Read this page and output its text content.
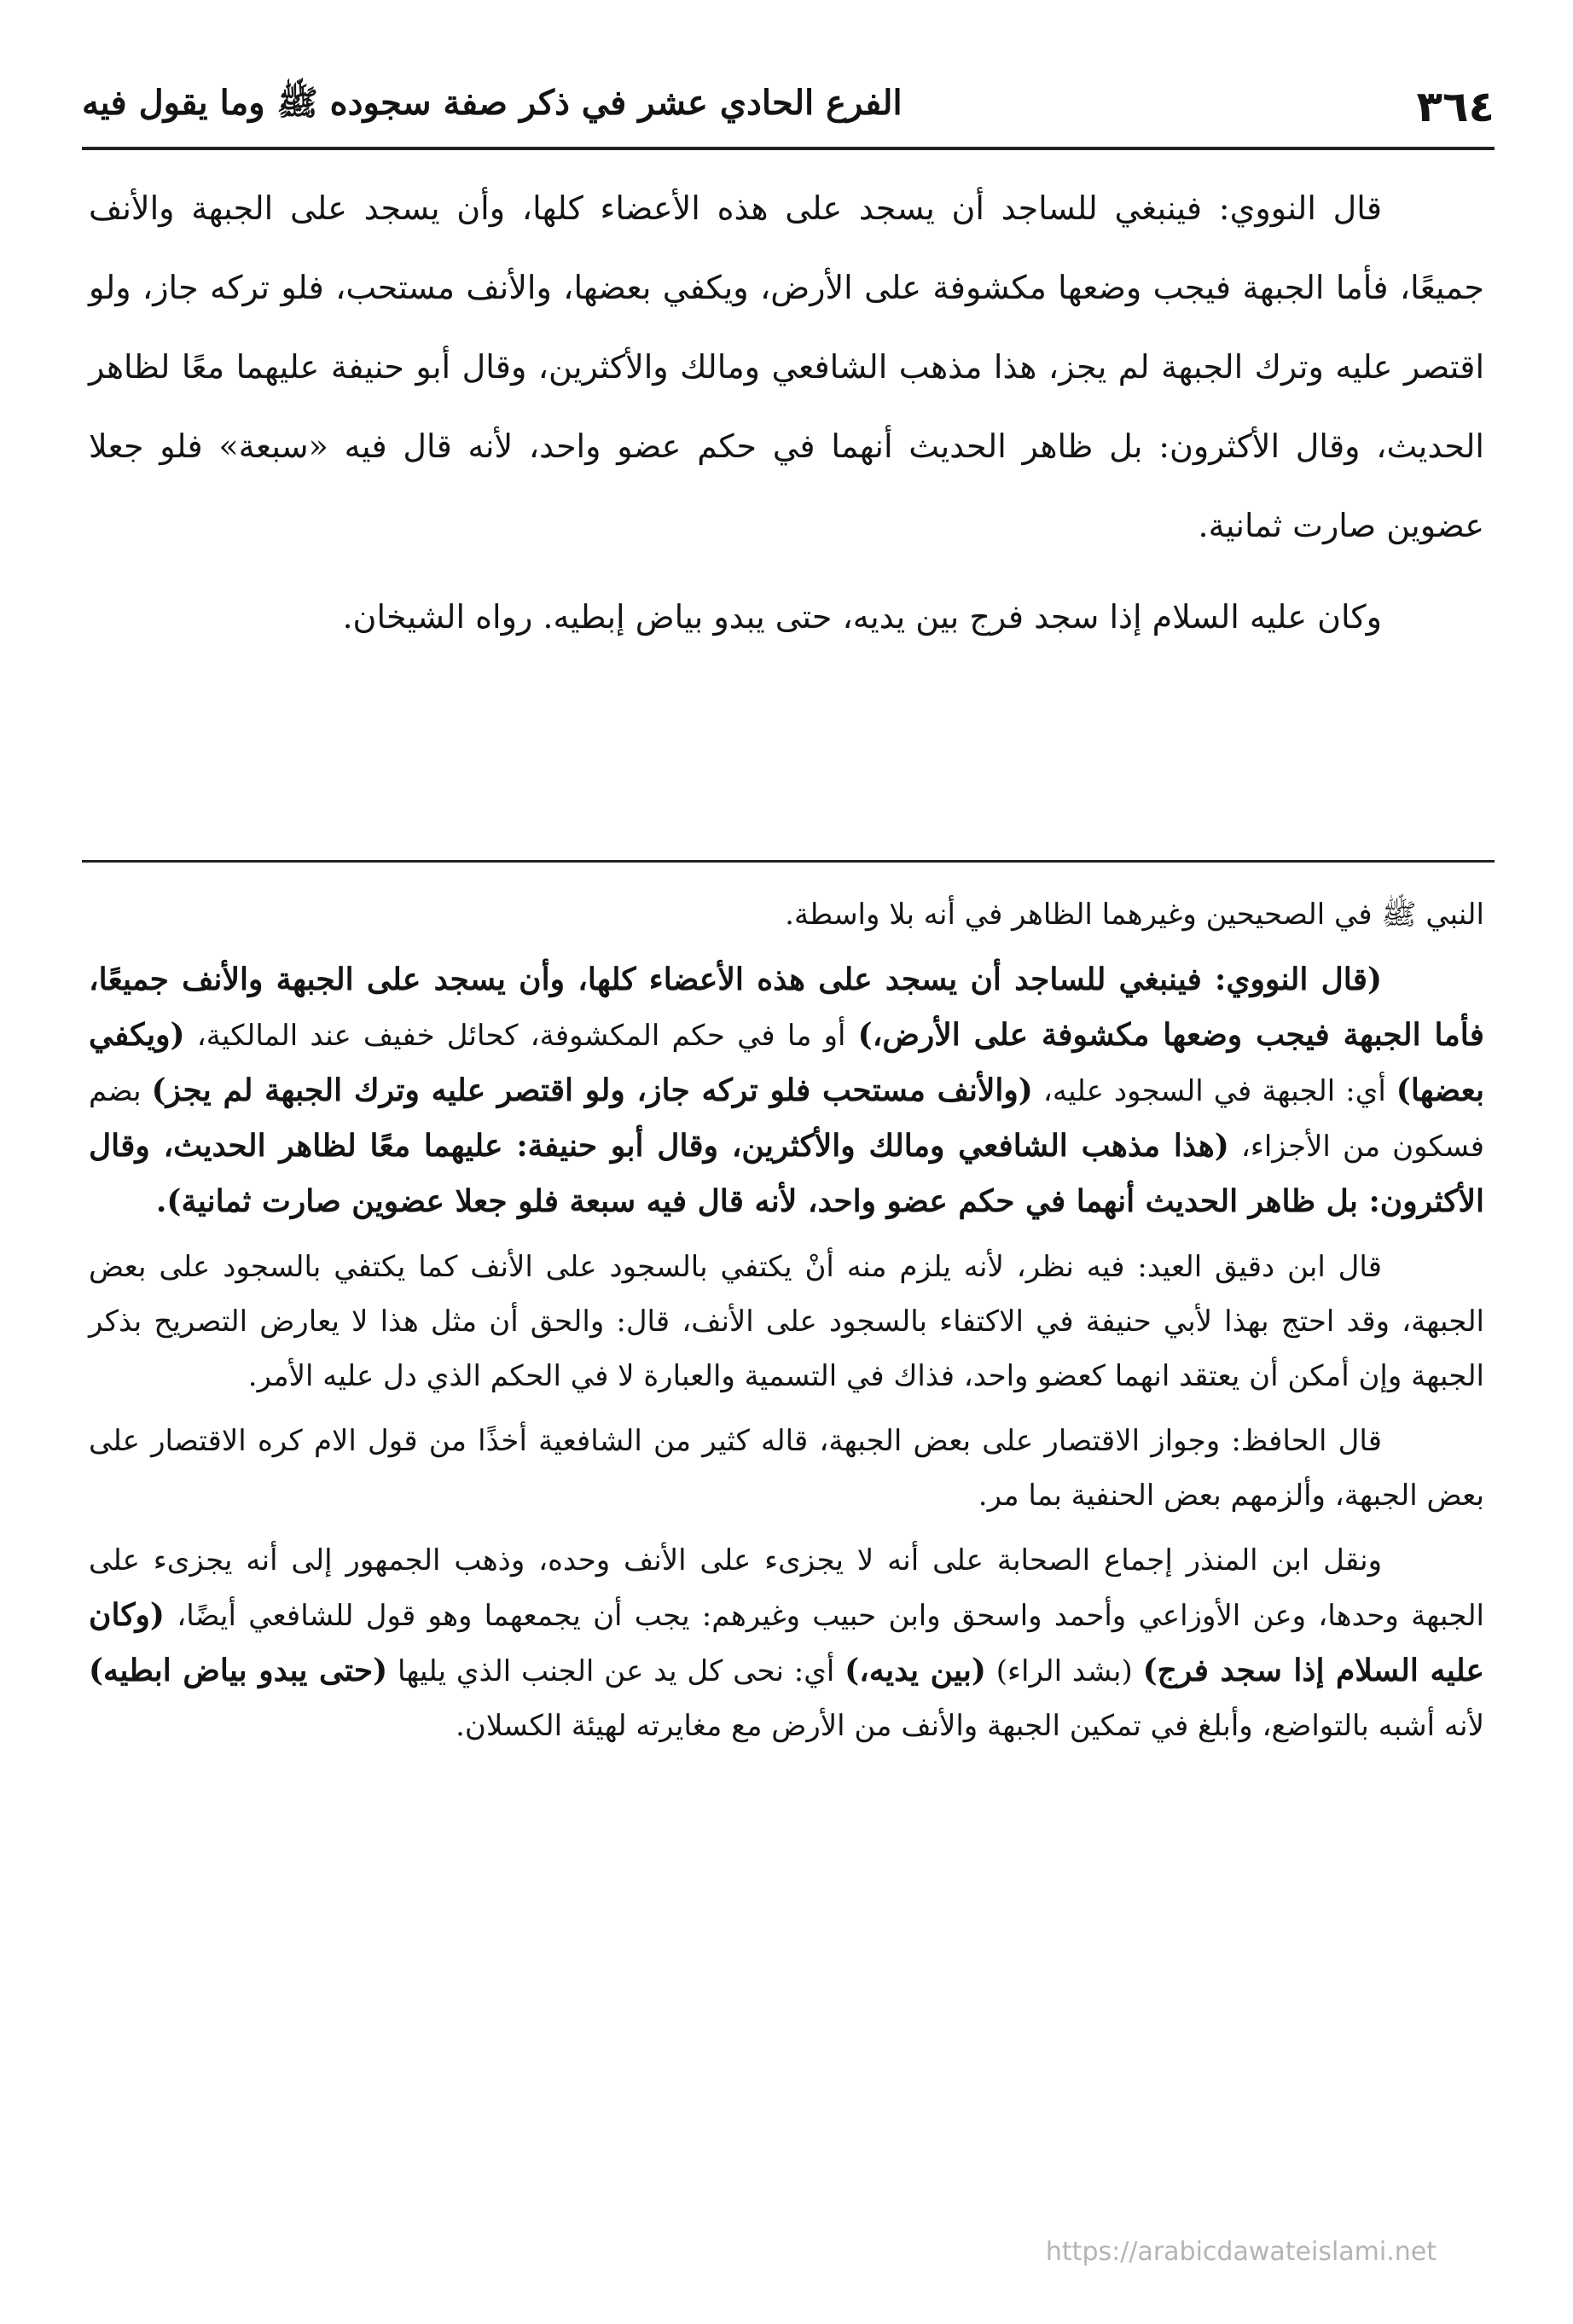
٣٦٤
الفرع الحادي عشر في ذكر صفة سجوده ﷺ وما يقول فيه

قال النووي: فينبغي للساجد أن يسجد على هذه الأعضاء كلها، وأن يسجد على الجبهة والأنف جميعًا، فأما الجبهة فيجب وضعها مكشوفة على الأرض، ويكفي بعضها، والأنف مستحب، فلو تركه جاز، ولو اقتصر عليه وترك الجبهة لم يجز، هذا مذهب الشافعي ومالك والأكثرين، وقال أبو حنيفة عليهما معًا لظاهر الحديث، وقال الأكثرون: بل ظاهر الحديث أنهما في حكم عضو واحد، لأنه قال فيه «سبعة» فلو جعلا عضوين صارت ثمانية.

وكان عليه السلام إذا سجد فرج بين يديه، حتى يبدو بياض إبطيه. رواه الشيخان.

النبي ﷺ في الصحيحين وغيرهما الظاهر في أنه بلا واسطة.

(قال النووي: فينبغي للساجد أن يسجد على هذه الأعضاء كلها، وأن يسجد على الجبهة والأنف جميعًا، فأما الجبهة فيجب وضعها مكشوفة على الأرض،) أو ما في حكم المكشوفة، كحائل خفيف عند المالكية، (ويكفي بعضها) أي: الجبهة في السجود عليه، (والأنف مستحب فلو تركه جاز، ولو اقتصر عليه وترك الجبهة لم يجز) بضم فسكون من الأجزاء، (هذا مذهب الشافعي ومالك والأكثرين، وقال أبو حنيفة: عليهما معًا لظاهر الحديث، وقال الأكثرون: بل ظاهر الحديث أنهما في حكم عضو واحد، لأنه قال فيه سبعة فلو جعلا عضوين صارت ثمانية).

قال ابن دقيق العيد: فيه نظر، لأنه يلزم منه أنْ يكتفي بالسجود على الأنف كما يكتفي بالسجود على بعض الجبهة، وقد احتج بهذا لأبي حنيفة في الاكتفاء بالسجود على الأنف، قال: والحق أن مثل هذا لا يعارض التصريح بذكر الجبهة وإن أمكن أن يعتقد انهما كعضو واحد، فذاك في التسمية والعبارة لا في الحكم الذي دل عليه الأمر.

قال الحافظ: وجواز الاقتصار على بعض الجبهة، قاله كثير من الشافعية أخذًا من قول الام كره الاقتصار على بعض الجبهة، وألزمهم بعض الحنفية بما مر.

ونقل ابن المنذر إجماع الصحابة على أنه لا يجزىء على الأنف وحده، وذهب الجمهور إلى أنه يجزىء على الجبهة وحدها، وعن الأوزاعي وأحمد واسحق وابن حبيب وغيرهم: يجب أن يجمعهما وهو قول للشافعي أيضًا، (وكان عليه السلام إذا سجد فرج) (بشد الراء) (بين يديه،) أي: نحى كل يد عن الجنب الذي يليها (حتى يبدو بياض ابطيه) لأنه أشبه بالتواضع، وأبلغ في تمكين الجبهة والأنف من الأرض مع مغايرته لهيئة الكسلان.

https://arabicdawateislami.net
